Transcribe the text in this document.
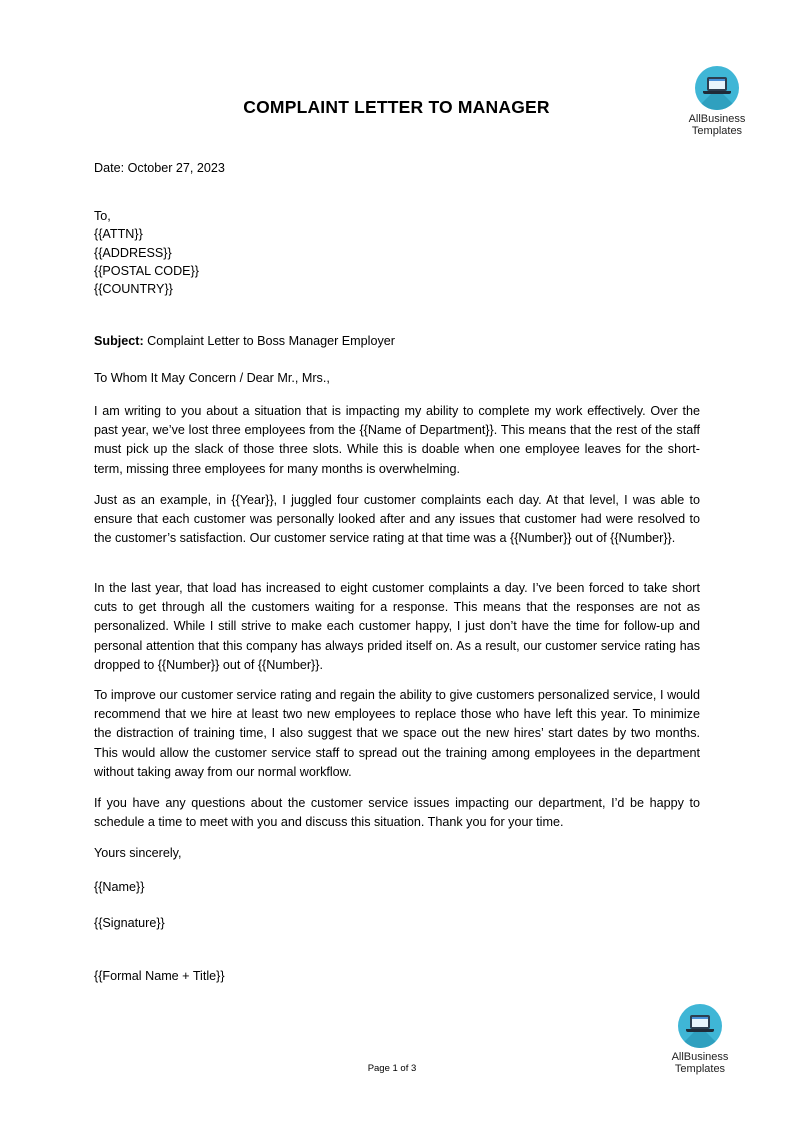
AllBusiness
Templates
COMPLAINT LETTER TO MANAGER
Date: October 27, 2023
To,
{{ATTN}}
{{ADDRESS}}
{{POSTAL CODE}}
{{COUNTRY}}
Subject: Complaint Letter to Boss Manager Employer
To Whom It May Concern / Dear Mr., Mrs.,
I am writing to you about a situation that is impacting my ability to complete my work effectively. Over the past year, we’ve lost three employees from the {{Name of Department}}. This means that the rest of the staff must pick up the slack of those three slots. While this is doable when one employee leaves for the short-term, missing three employees for many months is overwhelming.
Just as an example, in {{Year}}, I juggled four customer complaints each day. At that level, I was able to ensure that each customer was personally looked after and any issues that customer had were resolved to the customer’s satisfaction. Our customer service rating at that time was a {{Number}} out of {{Number}}.
In the last year, that load has increased to eight customer complaints a day. I’ve been forced to take short cuts to get through all the customers waiting for a response. This means that the responses are not as personalized. While I still strive to make each customer happy, I just don’t have the time for follow-up and personal attention that this company has always prided itself on. As a result, our customer service rating has dropped to {{Number}} out of {{Number}}.
To improve our customer service rating and regain the ability to give customers personalized service, I would recommend that we hire at least two new employees to replace those who have left this year. To minimize the distraction of training time, I also suggest that we space out the new hires’ start dates by two months. This would allow the customer service staff to spread out the training among employees in the department without taking away from our normal workflow.
If you have any questions about the customer service issues impacting our department, I’d be happy to schedule a time to meet with you and discuss this situation. Thank you for your time.
Yours sincerely,
{{Name}}
{{Signature}}
{{Formal Name + Title}}
AllBusiness
Templates
Page 1 of 3
